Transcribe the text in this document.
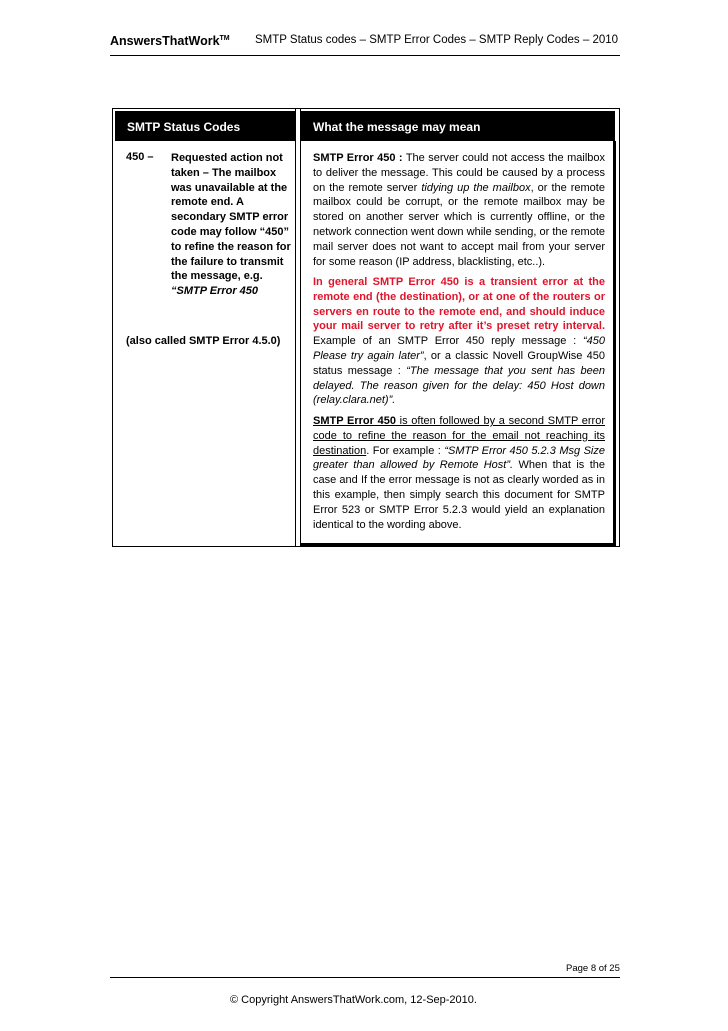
AnswersThatWork™ SMTP Status codes – SMTP Error Codes – SMTP Reply Codes – 2010
SMTP Status Codes	What the message may mean
450 – Requested action not taken – The mailbox was unavailable at the remote end. A secondary SMTP error code may follow “450” to refine the reason for the failure to transmit the message, e.g. “SMTP Error 450
(also called SMTP Error 4.5.0)
SMTP Error 450 : The server could not access the mailbox to deliver the message. This could be caused by a process on the remote server tidying up the mailbox, or the remote mailbox could be corrupt, or the remote mailbox may be stored on another server which is currently offline, or the network connection went down while sending, or the remote mail server does not want to accept mail from your server for some reason (IP address, blacklisting, etc..).
In general SMTP Error 450 is a transient error at the remote end (the destination), or at one of the routers or servers en route to the remote end, and should induce your mail server to retry after it’s preset retry interval. Example of an SMTP Error 450 reply message : “450 Please try again later”, or a classic Novell GroupWise 450 status message : “The message that you sent has been delayed. The reason given for the delay: 450 Host down (relay.clara.net)”.
SMTP Error 450 is often followed by a second SMTP error code to refine the reason for the email not reaching its destination. For example : “SMTP Error 450 5.2.3 Msg Size greater than allowed by Remote Host”. When that is the case and If the error message is not as clearly worded as in this example, then simply search this document for SMTP Error 523 or SMTP Error 5.2.3 would yield an explanation identical to the wording above.
Page 8 of 25
© Copyright AnswersThatWork.com, 12-Sep-2010.
